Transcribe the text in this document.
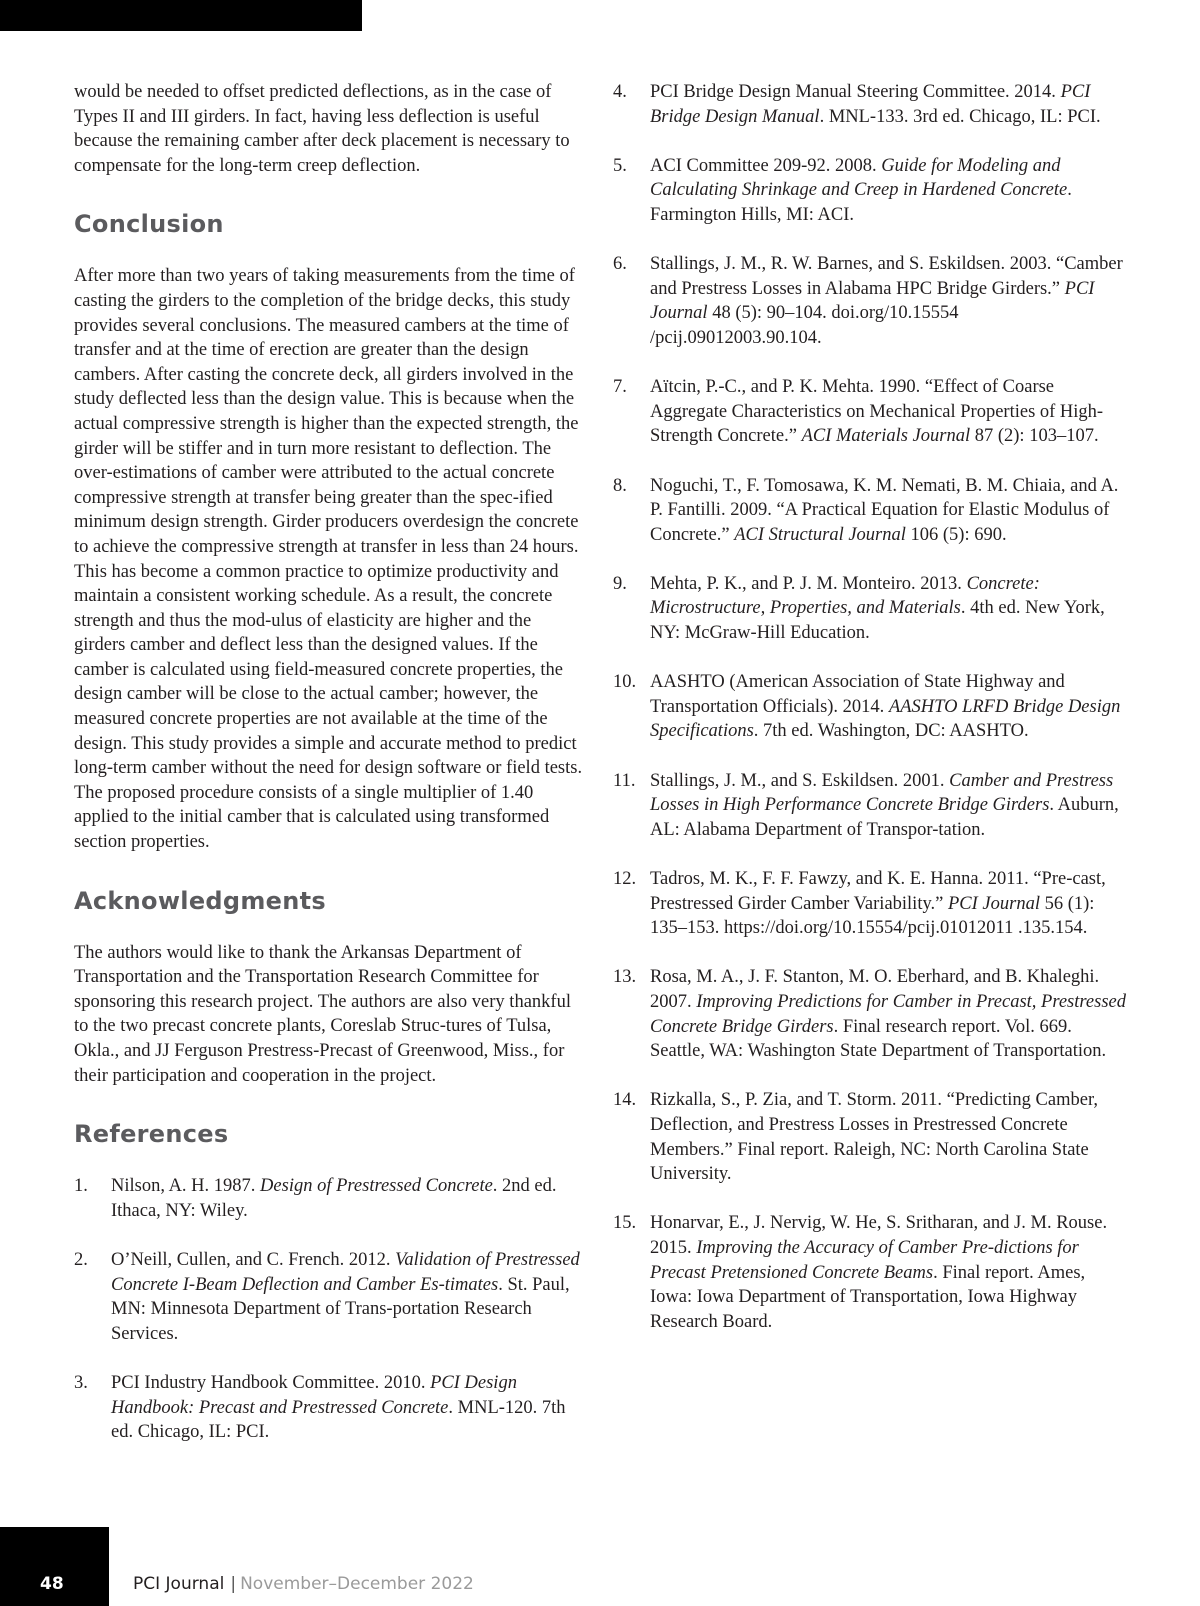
would be needed to offset predicted deflections, as in the case of Types II and III girders. In fact, having less deflection is useful because the remaining camber after deck placement is necessary to compensate for the long-term creep deflection.

Conclusion

After more than two years of taking measurements from the time of casting the girders to the completion of the bridge decks, this study provides several conclusions. The measured cambers at the time of transfer and at the time of erection are greater than the design cambers. After casting the concrete deck, all girders involved in the study deflected less than the design value. This is because when the actual compressive strength is higher than the expected strength, the girder will be stiffer and in turn more resistant to deflection. The over-estimations of camber were attributed to the actual concrete compressive strength at transfer being greater than the spec-ified minimum design strength. Girder producers overdesign the concrete to achieve the compressive strength at transfer in less than 24 hours. This has become a common practice to optimize productivity and maintain a consistent working schedule. As a result, the concrete strength and thus the mod-ulus of elasticity are higher and the girders camber and deflect less than the designed values. If the camber is calculated using field-measured concrete properties, the design camber will be close to the actual camber; however, the measured concrete properties are not available at the time of the design. This study provides a simple and accurate method to predict long-term camber without the need for design software or field tests. The proposed procedure consists of a single multiplier of 1.40 applied to the initial camber that is calculated using transformed section properties.

Acknowledgments

The authors would like to thank the Arkansas Department of Transportation and the Transportation Research Committee for sponsoring this research project. The authors are also very thankful to the two precast concrete plants, Coreslab Struc-tures of Tulsa, Okla., and JJ Ferguson Prestress-Precast of Greenwood, Miss., for their participation and cooperation in the project.

References
1.	Nilson, A. H. 1987. Design of Prestressed Concrete. 2nd ed. Ithaca, NY: Wiley.
2.	O’Neill, Cullen, and C. French. 2012. Validation of Prestressed Concrete I-Beam Deflection and Camber Es-timates. St. Paul, MN: Minnesota Department of Trans-portation Research Services.
3.	PCI Industry Handbook Committee. 2010. PCI Design Handbook: Precast and Prestressed Concrete. MNL-120. 7th ed. Chicago, IL: PCI.
4.	PCI Bridge Design Manual Steering Committee. 2014. PCI Bridge Design Manual. MNL-133. 3rd ed. Chicago, IL: PCI.
5.	ACI Committee 209-92. 2008. Guide for Modeling and Calculating Shrinkage and Creep in Hardened Concrete. Farmington Hills, MI: ACI.
6.	Stallings, J. M., R. W. Barnes, and S. Eskildsen. 2003. “Camber and Prestress Losses in Alabama HPC Bridge Girders.” PCI Journal 48 (5): 90–104. doi.org/10.15554 /pcij.09012003.90.104.
7.	Aïtcin, P.-C., and P. K. Mehta. 1990. “Effect of Coarse Aggregate Characteristics on Mechanical Properties of High-Strength Concrete.” ACI Materials Journal 87 (2): 103–107.
8.	Noguchi, T., F. Tomosawa, K. M. Nemati, B. M. Chiaia, and A. P. Fantilli. 2009. “A Practical Equation for Elastic Modulus of Concrete.” ACI Structural Journal 106 (5): 690.
9.	Mehta, P. K., and P. J. M. Monteiro. 2013. Concrete: Microstructure, Properties, and Materials. 4th ed. New York, NY: McGraw-Hill Education.
10. AASHTO (American Association of State Highway and Transportation Officials). 2014. AASHTO LRFD Bridge Design Specifications. 7th ed. Washington, DC: AASHTO.
11. Stallings, J. M., and S. Eskildsen. 2001. Camber and Prestress Losses in High Performance Concrete Bridge Girders. Auburn, AL: Alabama Department of Transpor-tation.
12. Tadros, M. K., F. F. Fawzy, and K. E. Hanna. 2011. “Pre-cast, Prestressed Girder Camber Variability.” PCI Journal 56 (1): 135–153. https://doi.org/10.15554/pcij.01012011 .135.154.
13. Rosa, M. A., J. F. Stanton, M. O. Eberhard, and B. Khaleghi. 2007. Improving Predictions for Camber in Precast, Prestressed Concrete Bridge Girders. Final research report. Vol. 669. Seattle, WA: Washington State Department of Transportation.
14. Rizkalla, S., P. Zia, and T. Storm. 2011. “Predicting Camber, Deflection, and Prestress Losses in Prestressed Concrete Members.” Final report. Raleigh, NC: North Carolina State University.
15. Honarvar, E., J. Nervig, W. He, S. Sritharan, and J. M. Rouse. 2015. Improving the Accuracy of Camber Pre-dictions for Precast Pretensioned Concrete Beams. Final report. Ames, Iowa: Iowa Department of Transportation, Iowa Highway Research Board.
48	PCI Journal | November–December 2022
